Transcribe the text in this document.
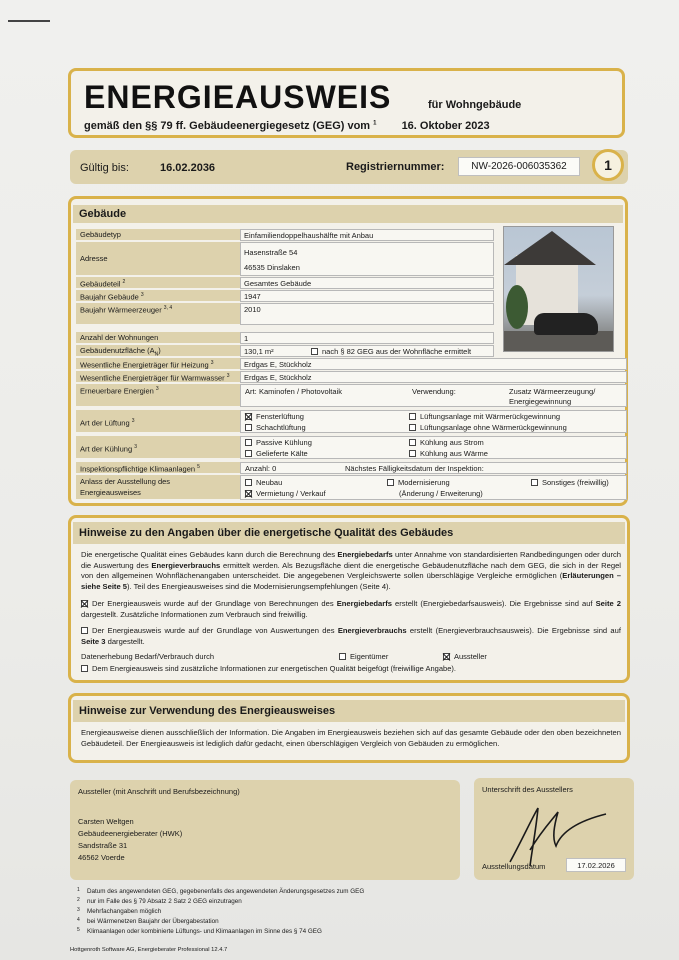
ENERGIEAUSWEIS	für Wohngebäude
gemäß den §§ 79 ff. Gebäudeenergiegesetz (GEG) vom $^1$ 16. Oktober 2023
Gültig bis:	16.02.2036	Registriernummer:	NW-2026-006035362	1
Gebäude
Gebäudetyp	Einfamiliendoppelhaushälfte mit Anbau
Adresse
Hasenstraße 54
46535 Dinslaken
Gebäudeteil $^2$	Gesamtes Gebäude
Baujahr Gebäude $^3$	1947
Baujahr Wärmeerzeuger $^{3, 4}$	2010
Anzahl der Wohnungen	1
Gebäudenutzfläche $(A_N)$	130,1 m²	nach § 82 GEG aus der Wohnfläche ermittelt
Wesentliche Energieträger für Heizung $^3$	Erdgas E, Stückholz
Wesentliche Energieträger für Warmwasser $^3$	Erdgas E, Stückholz
Erneuerbare Energien $^3$	Art: Kaminofen / Photovoltaik	Verwendung:	Zusatz Wärmeerzeugung/
Energiegewinnung
Art der Lüftung $^3$	Fensterlüftung	Lüftungsanlage mit Wärmerückgewinnung
Schachtlüftung	Lüftungsanlage ohne Wärmerückgewinnung
Art der Kühlung $^3$	Passive Kühlung	Kühlung aus Strom
Gelieferte Kälte	Kühlung aus Wärme
Inspektionspflichtige Klimaanlagen $^5$	Anzahl: 0	Nächstes Fälligkeitsdatum der Inspektion:
Anlass der Ausstellung des
Energieausweises
Neubau	Modernisierung
(Änderung / Erweiterung)
Sonstiges (freiwillig)
Vermietung / Verkauf
Hinweise zu den Angaben über die energetische Qualität des Gebäudes
Die energetische Qualität eines Gebäudes kann durch die Berechnung des Energiebedarfs unter Annahme von standardisierten Randbedingungen oder durch die Auswertung des Energieverbrauchs ermittelt werden. Als Bezugsfläche dient die energetische Gebäudenutzfläche nach dem GEG, die sich in der Regel von den allgemeinen Wohnflächenangaben unterscheidet. Die angegebenen Vergleichswerte sollen überschlägige Vergleiche ermöglichen (Erläuterungen – siehe Seite 5). Teil des Energieausweises sind die Modernisierungsempfehlungen (Seite 4).
Der Energieausweis wurde auf der Grundlage von Berechnungen des Energiebedarfs erstellt (Energiebedarfsausweis). Die Ergebnisse sind auf Seite 2 dargestellt. Zusätzliche Informationen zum Verbrauch sind freiwillig.
Der Energieausweis wurde auf der Grundlage von Auswertungen des Energieverbrauchs erstellt (Energieverbrauchsausweis). Die Ergebnisse sind auf Seite 3 dargestellt.
Datenerhebung Bedarf/Verbrauch durch	Eigentümer	Aussteller
Dem Energieausweis sind zusätzliche Informationen zur energetischen Qualität beigefügt (freiwillige Angabe).
Hinweise zur Verwendung des Energieausweises
Energieausweise dienen ausschließlich der Information. Die Angaben im Energieausweis beziehen sich auf das gesamte Gebäude oder den oben bezeichneten Gebäudeteil. Der Energieausweis ist lediglich dafür gedacht, einen überschlägigen Vergleich von Gebäuden zu ermöglichen.
Aussteller (mit Anschrift und Berufsbezeichnung)
Carsten Weltgen
Gebäudeenergieberater (HWK)
Sandstraße 31
46562 Voerde
Unterschrift des Ausstellers
Ausstellungsdatum	17.02.2026
1 Datum des angewendeten GEG, gegebenenfalls des angewendeten Änderungsgesetzes zum GEG
2 nur im Falle des § 79 Absatz 2 Satz 2 GEG einzutragen
3 Mehrfachangaben möglich
4 bei Wärmenetzen Baujahr der Übergabestation
5 Klimaanlagen oder kombinierte Lüftungs- und Klimaanlagen im Sinne des § 74 GEG
Hottgenroth Software AG, Energieberater Professional 12.4.7
